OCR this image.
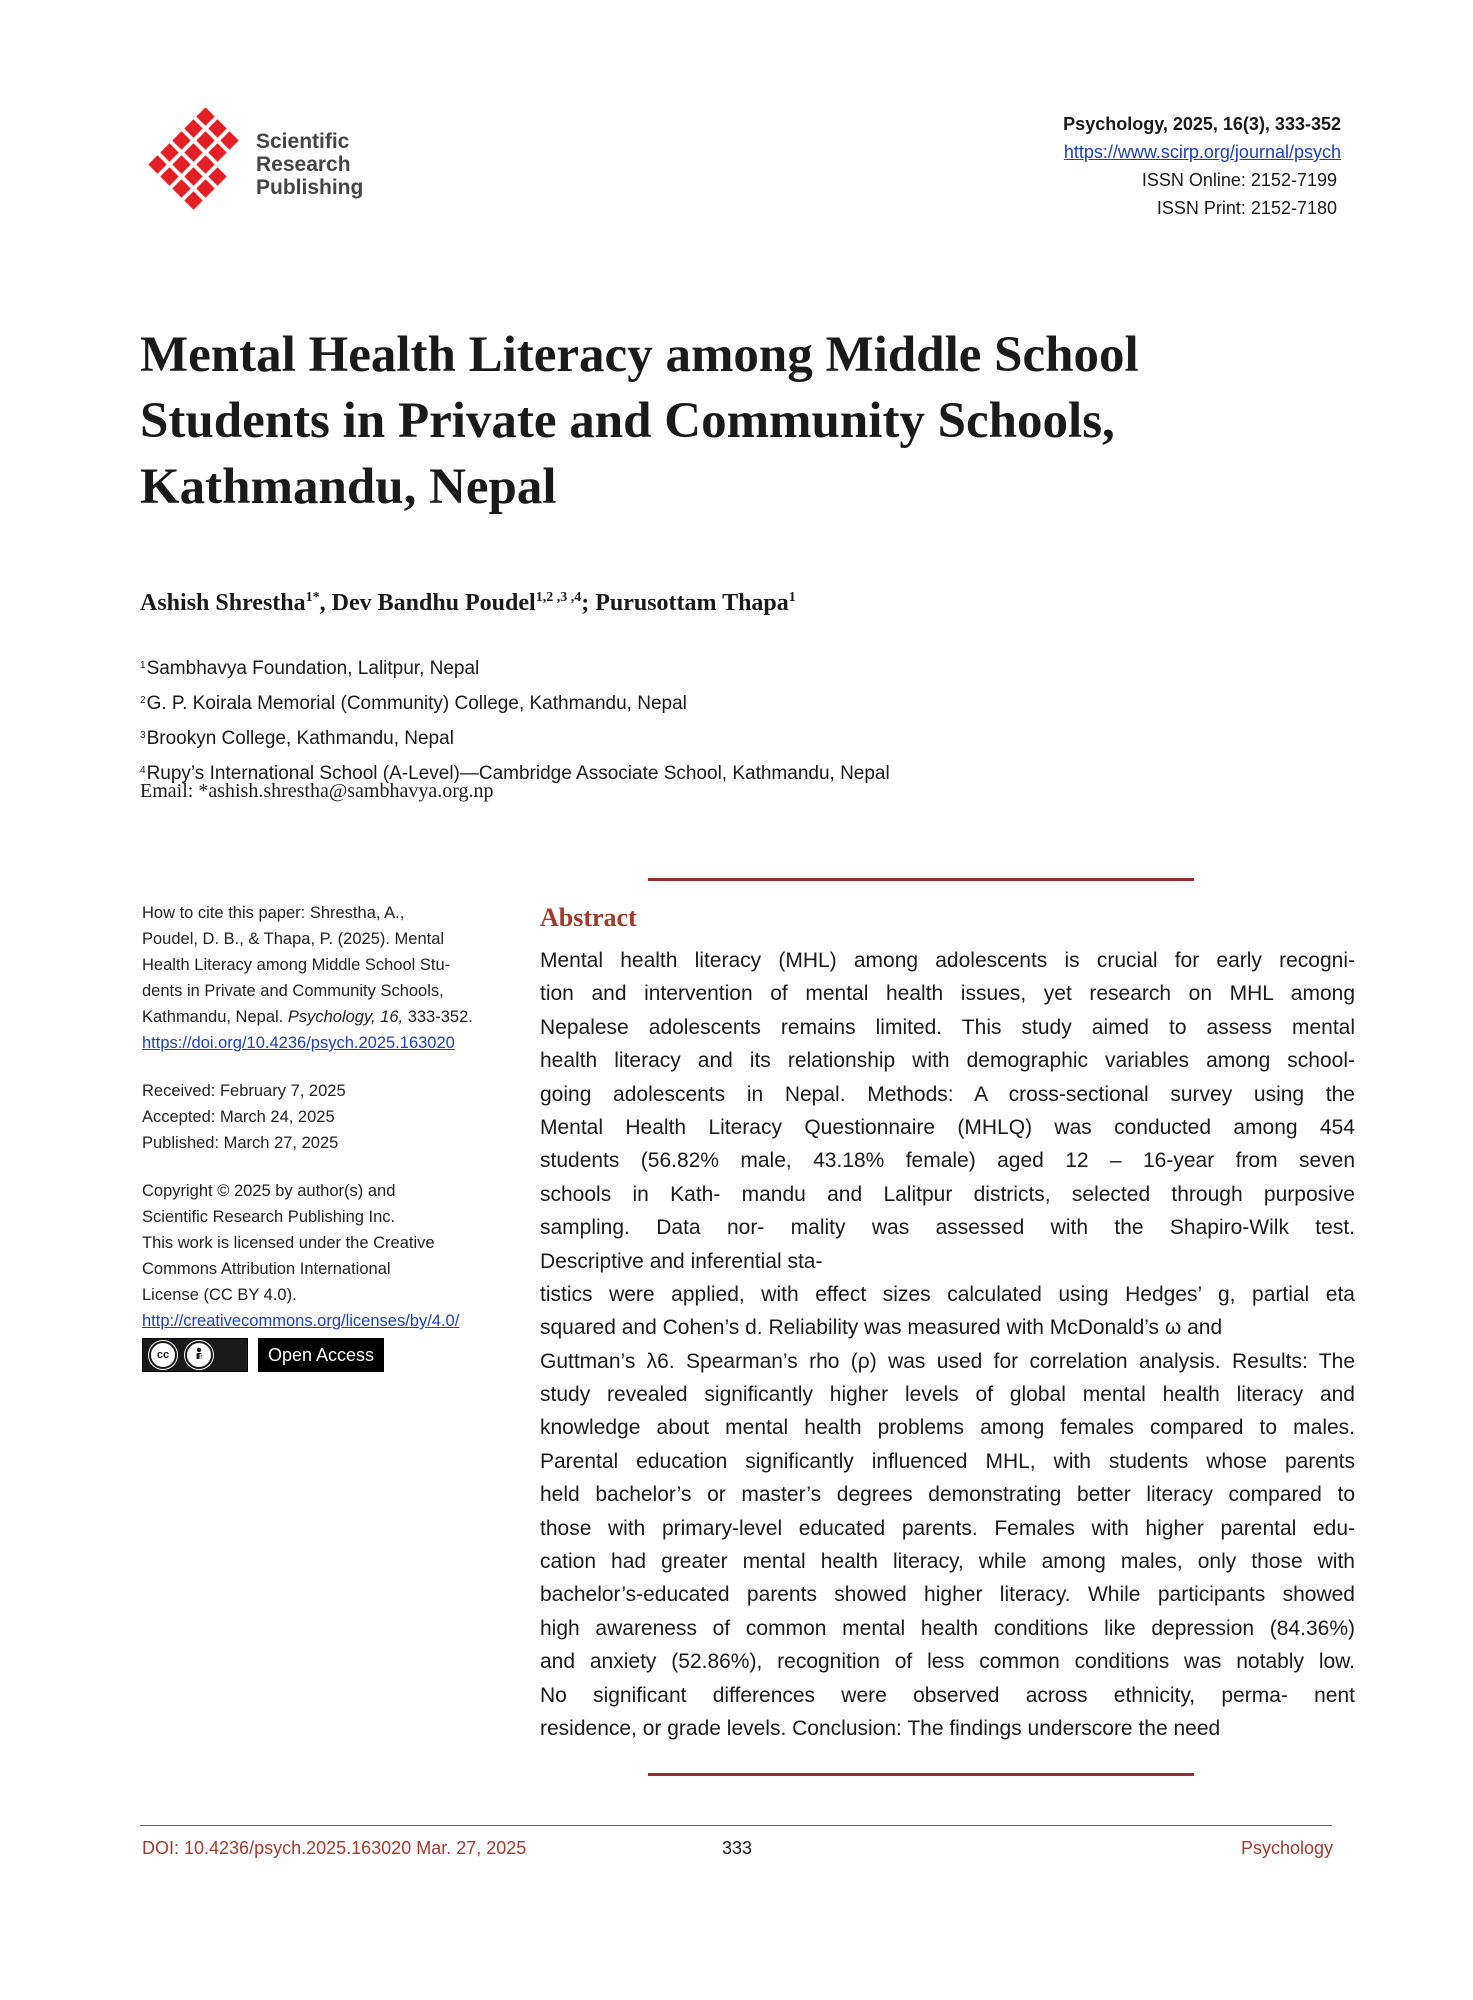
Scientific
Research
Publishing
Psychology, 2025, 16(3), 333-352
https://www.scirp.org/journal/psych
ISSN Online: 2152-7199
ISSN Print: 2152-7180
Mental Health Literacy among Middle School
Students in Private and Community Schools,
Kathmandu, Nepal
Ashish Shrestha$^{1*}$, Dev Bandhu Poudel$^{1,2 ,3 ,4}$; Purusottam Thapa$^1$
$^1$Sambhavya Foundation, Lalitpur, Nepal
$^2$G. P. Koirala Memorial (Community) College, Kathmandu, Nepal
$^3$Brookyn College, Kathmandu, Nepal
$^4$Rupy’s International School (A-Level)—Cambridge Associate School, Kathmandu, Nepal
Email: *ashish.shrestha@sambhavya.org.np
How to cite this paper: Shrestha, A.,
Poudel, D. B., & Thapa, P. (2025). Mental
Health Literacy among Middle School Stu-
dents in Private and Community Schools,
Kathmandu, Nepal. Psychology, 16, 333-352.
https://doi.org/10.4236/psych.2025.163020
Received: February 7, 2025
Accepted: March 24, 2025
Published: March 27, 2025
Copyright © 2025 by author(s) and
Scientific Research Publishing Inc.
This work is licensed under the Creative
Commons Attribution International
License (CC BY 4.0).
http://creativecommons.org/licenses/by/4.0/
cc	BY	Open Access
Abstract
Mental health literacy (MHL) among adolescents is crucial for early recogni-
tion and intervention of mental health issues, yet research on MHL among
Nepalese adolescents remains limited. This study aimed to assess mental
health literacy and its relationship with demographic variables among school-
going adolescents in Nepal. Methods: A cross-sectional survey using the
Mental Health Literacy Questionnaire (MHLQ) was conducted among 454
students (56.82% male, 43.18% female) aged 12 – 16-year from seven
schools in Kath- mandu and Lalitpur districts, selected through purposive
sampling. Data nor- mality was assessed with the Shapiro-Wilk test.
Descriptive and inferential sta-
tistics were applied, with effect sizes calculated using Hedges’ g, partial eta
squared and Cohen’s d. Reliability was measured with McDonald’s ω and
Guttman’s λ6. Spearman’s rho (ρ) was used for correlation analysis. Results: The
study revealed significantly higher levels of global mental health literacy and
knowledge about mental health problems among females compared to males.
Parental education significantly influenced MHL, with students whose parents
held bachelor’s or master’s degrees demonstrating better literacy compared to
those with primary-level educated parents. Females with higher parental edu-
cation had greater mental health literacy, while among males, only those with
bachelor’s-educated parents showed higher literacy. While participants showed
high awareness of common mental health conditions like depression (84.36%)
and anxiety (52.86%), recognition of less common conditions was notably low.
No significant differences were observed across ethnicity, perma- nent
residence, or grade levels. Conclusion: The findings underscore the need
DOI: 10.4236/psych.2025.163020 Mar. 27, 2025	333	Psychology
